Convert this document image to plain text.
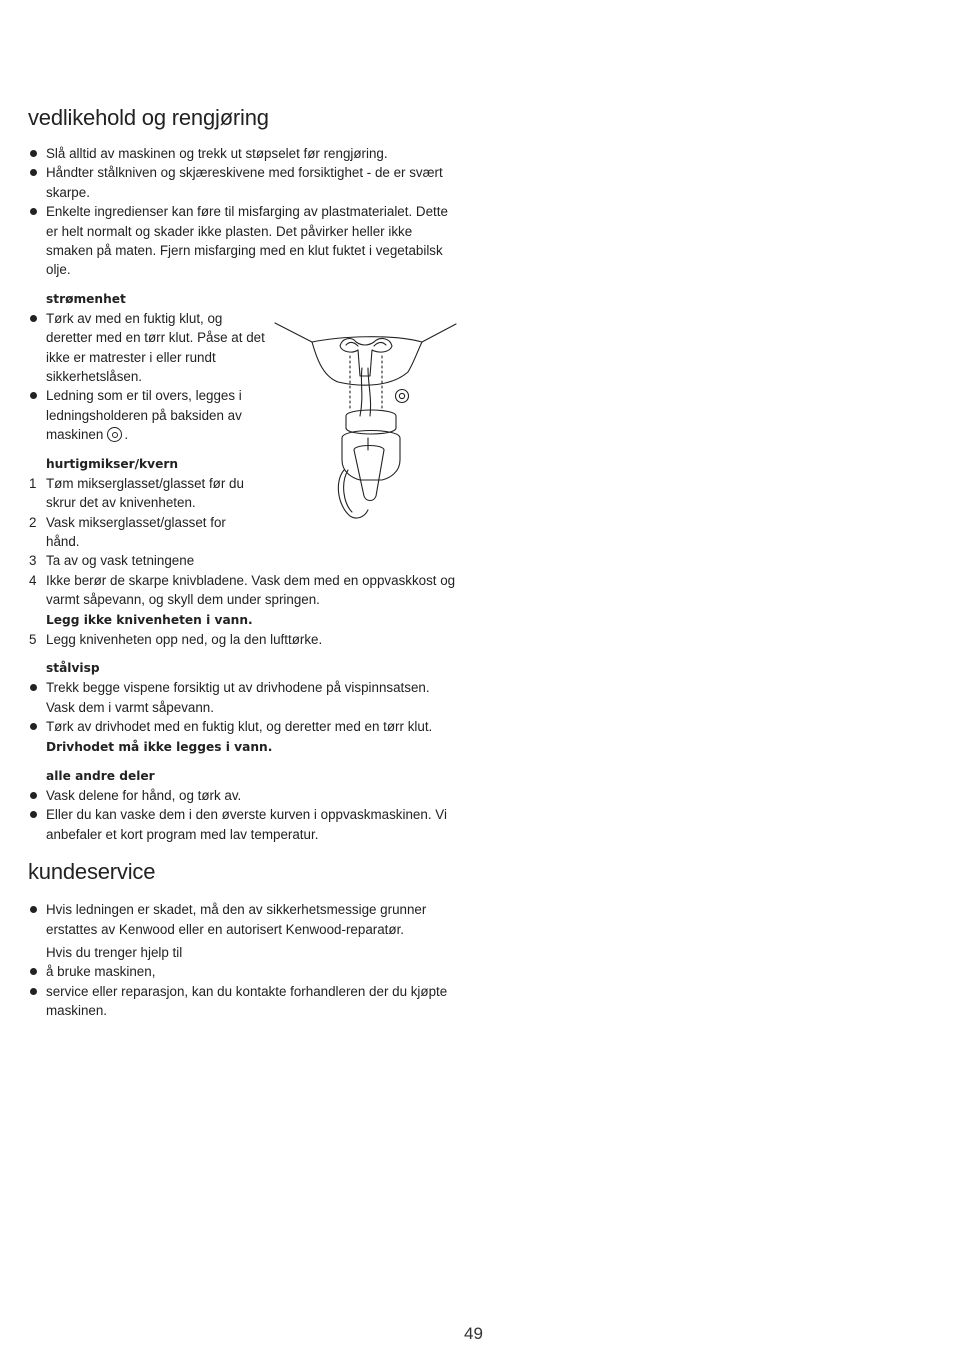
vedlikehold og rengjøring
Slå alltid av maskinen og trekk ut støpselet før rengjøring.
Håndter stålkniven og skjæreskivene med forsiktighet - de er svært skarpe.
Enkelte ingredienser kan føre til misfarging av plastmaterialet. Dette er helt normalt og skader ikke plasten. Det påvirker heller ikke smaken på maten. Fjern misfarging med en klut fuktet i vegetabilsk olje.
strømenhet
Tørk av med en fuktig klut, og deretter med en tørr klut. Påse at det ikke er matrester i eller rundt sikkerhetslåsen.
Ledning som er til overs, legges i ledningsholderen på baksiden av maskinen .
hurtigmikser/kvern
1 Tøm mikserglasset/glasset før du skrur det av knivenheten.
2 Vask mikserglasset/glasset for hånd.
3 Ta av og vask tetningene
4 Ikke berør de skarpe knivbladene. Vask dem med en oppvaskkost og varmt såpevann, og skyll dem under springen.
Legg ikke knivenheten i vann.
5 Legg knivenheten opp ned, og la den lufttørke.
stålvisp
Trekk begge vispene forsiktig ut av drivhodene på vispinnsatsen. Vask dem i varmt såpevann.
Tørk av drivhodet med en fuktig klut, og deretter med en tørr klut. Drivhodet må ikke legges i vann.
alle andre deler
Vask delene for hånd, og tørk av.
Eller du kan vaske dem i den øverste kurven i oppvaskmaskinen. Vi anbefaler et kort program med lav temperatur.
kundeservice
Hvis ledningen er skadet, må den av sikkerhetsmessige grunner erstattes av Kenwood eller en autorisert Kenwood-reparatør.
Hvis du trenger hjelp til
å bruke maskinen,
service eller reparasjon, kan du kontakte forhandleren der du kjøpte maskinen.
49
